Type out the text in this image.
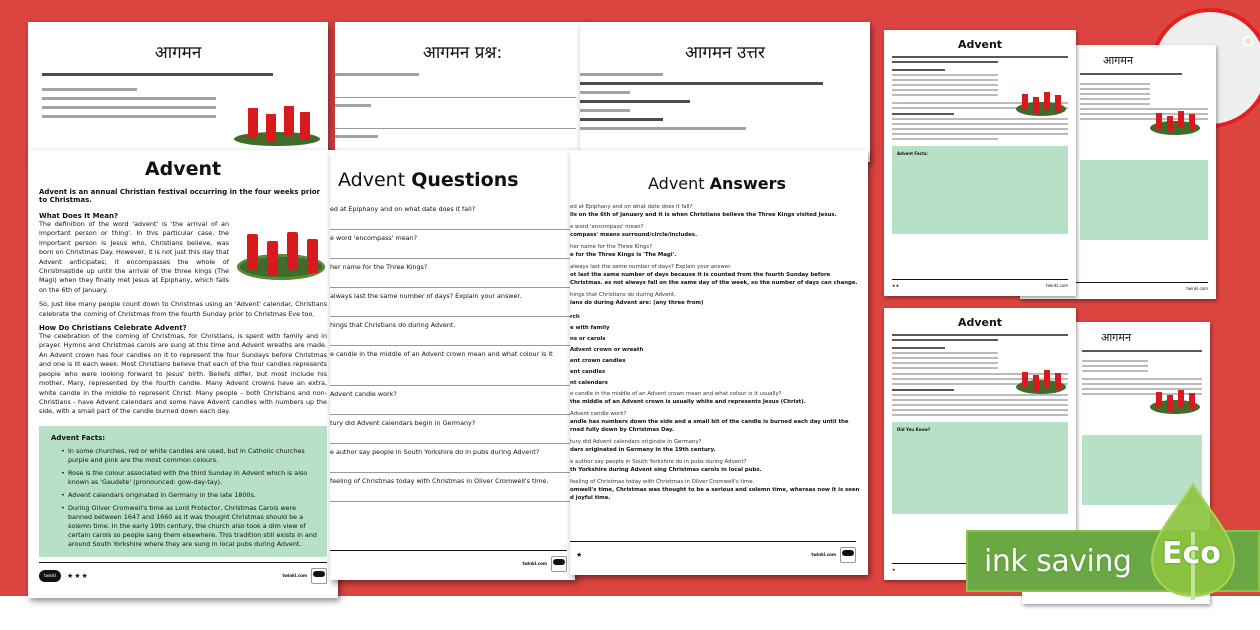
आगमन	आगमन प्रश्न:	आगमन उत्तर
Advent
Advent is an annual Christian festival occurring in the four weeks prior to Christmas.
What Does It Mean?
The definition of the word 'advent' is 'the arrival of an important person or thing'. In this particular case, the important person is Jesus who, Christians believe, was born on Christmas Day. However, it is not just this day that Advent anticipates; it encompasses the whole of Christmastide up until the arrival of the three kings (The Magi) when they finally met Jesus at Epiphany, which falls on the 6th of January.
So, just like many people count down to Christmas using an 'Advent' calendar, Christians celebrate the coming of Christmas from the fourth Sunday prior to Christmas Eve too.
How Do Christians Celebrate Advent?
The celebration of the coming of Christmas, for Christians, is spent with family and in prayer. Hymns and Christmas carols are sung at this time and Advent wreaths are made. An Advent crown has four candles on it to represent the four Sundays before Christmas and one is lit each week. Most Christians believe that each of the four candles represents people who were looking forward to Jesus' birth. Beliefs differ, but most include his mother, Mary, represented by the fourth candle. Many Advent crowns have an extra, white candle in the middle to represent Christ. Many people – both Christians and non-Christians - have Advent calendars and some have Advent candles with numbers up the side, with a small part of the candle burned down each day.
Advent Facts:
• In some churches, red or white candles are used, but in Catholic churches purple and pink are the most common colours.
• Rose is the colour associated with the third Sunday in Advent which is also known as 'Gaudete' (pronounced: gow-day-tay).
• Advent calendars originated in Germany in the late 1800s.
• During Oliver Cromwell's time as Lord Protector, Christmas Carols were banned between 1647 and 1660 as it was thought Christmas should be a solemn time. In the early 19th century, the church also took a dim view of certain carols so people sang them elsewhere. This tradition still exists in and around South Yorkshire where they are sung in local pubs during Advent.
twinkl	★★★	twinkl.com
Advent Questions
ed at Epiphany and on what date does it fall?
e word 'encompass' mean?
her name for the Three Kings?
always last the same number of days? Explain your answer.
hings that Christians do during Advent.
e candle in the middle of an Advent crown mean and what colour is it
Advent candle work?
tury did Advent calendars begin in Germany?
e author say people in South Yorkshire do in pubs during Advent?
feeling of Christmas today with Christmas in Oliver Cromwell's time.
twinkl.com
Advent Answers
ed at Epiphany and on what date does it fall?
lls on the 6th of January and it is when Christians believe the Three Kings visited Jesus.
e word 'encompass' mean?
compass' means surround/circle/includes.
her name for the Three Kings?
e for the Three Kings is 'The Magi'.
always last the same number of days? Explain your answer.
ot last the same number of days because it is counted from the fourth Sunday before Christmas. es not always fall on the same day of the week, so the number of days can change.
hings that Christians do during Advent.
ians do during Advent are: (any three from)
rch
e with family
ns or carols
Advent crown or wreath
ent crown candles
ent candles
nt calendars
e candle in the middle of an Advent crown mean and what colour is it usually?
the middle of an Advent crown is usually white and represents Jesus (Christ).
Advent candle work?
andle has numbers down the side and a small bit of the candle is burned each day until the rned fully down by Christmas Day.
tury did Advent calendars originate in Germany?
dars originated in Germany in the 19th century.
e author say people in South Yorkshire do in pubs during Advent?
th Yorkshire during Advent sing Christmas carols in local pubs.
feeling of Christmas today with Christmas in Oliver Cromwell's time.
omwell's time, Christmas was thought to be a serious and solemn time, whereas now it is seen d joyful time.
★	twinkl.com
आगमन
twinkl.com
Advent
Advent Facts:
★★	twinkl.com
आगमन
Advent
Did You Know?
★	ink saving Eco
